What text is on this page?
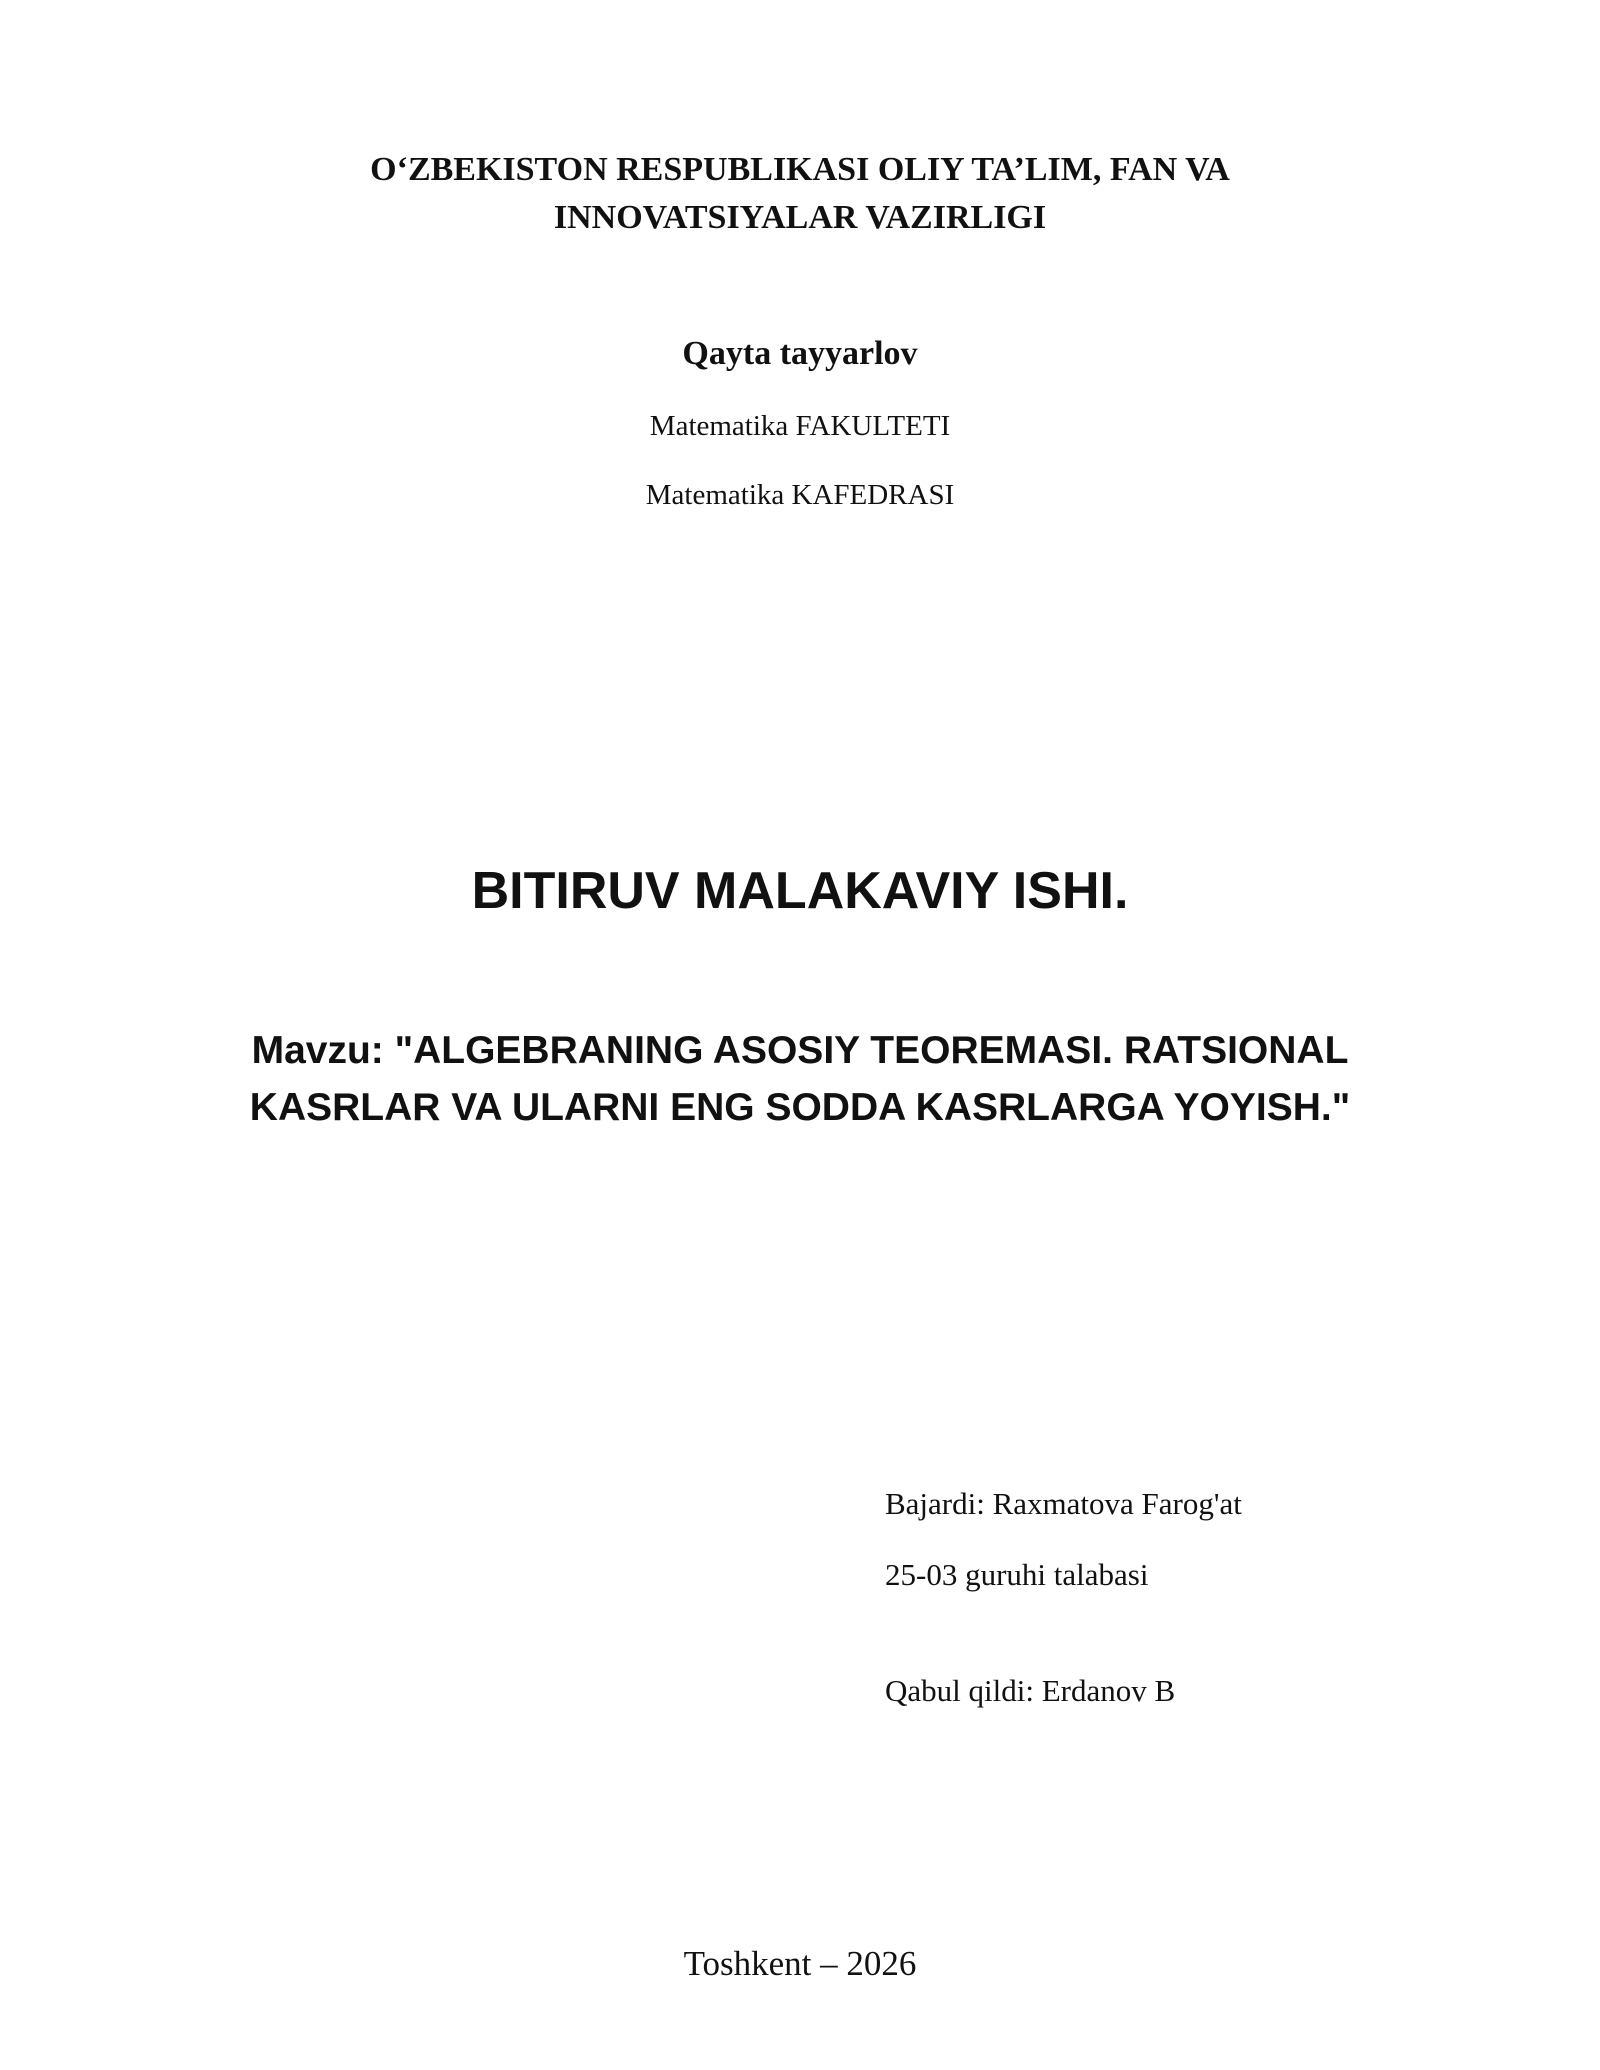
O‘ZBEKISTON RESPUBLIKASI OLIY TA’LIM, FAN VA
INNOVATSIYALAR VAZIRLIGI
Qayta tayyarlov
Matematika FAKULTETI
Matematika KAFEDRASI
BITIRUV MALAKAVIY ISHI.
Mavzu: "ALGEBRANING ASOSIY TEOREMASI. RATSIONAL
KASRLAR VA ULARNI ENG SODDA KASRLARGA YOYISH."
Bajardi: Raxmatova Farog'at
25-03 guruhi talabasi
Qabul qildi: Erdanov B
Toshkent – 2026
